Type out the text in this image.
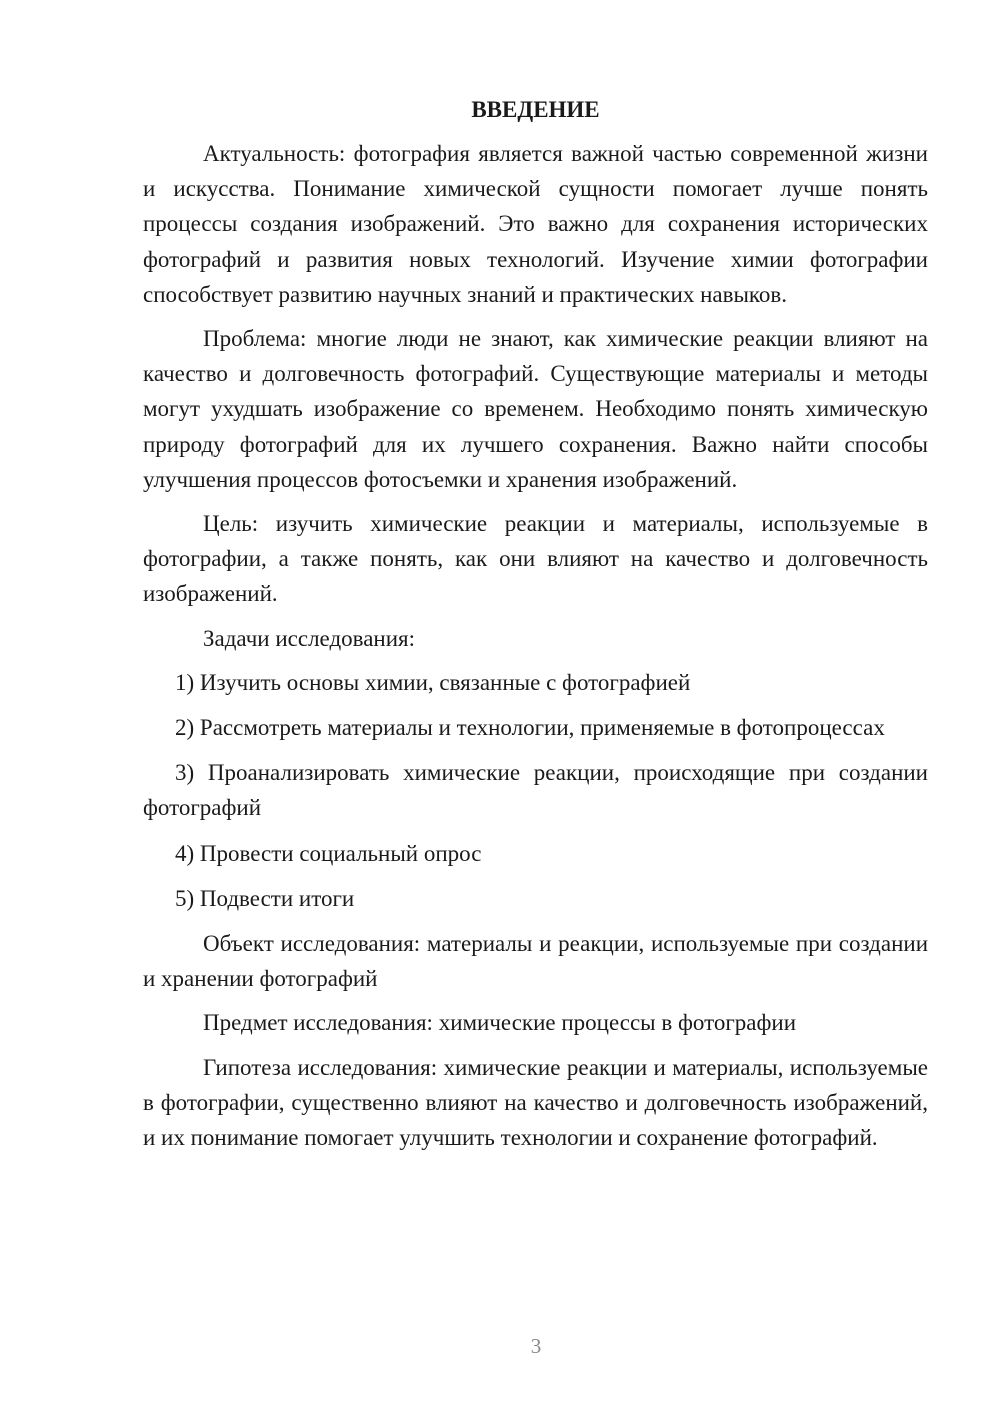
ВВЕДЕНИЕ

Актуальность: фотография является важной частью современной жизни и искусства. Понимание химической сущности помогает лучше понять процессы создания изображений. Это важно для сохранения исторических фотографий и развития новых технологий. Изучение химии фотографии способствует развитию научных знаний и практических навыков.

Проблема: многие люди не знают, как химические реакции влияют на качество и долговечность фотографий. Существующие материалы и методы могут ухудшать изображение со временем. Необходимо понять химическую природу фотографий для их лучшего сохранения. Важно найти способы улучшения процессов фотосъемки и хранения изображений.

Цель: изучить химические реакции и материалы, используемые в фотографии, а также понять, как они влияют на качество и долговечность изображений.

Задачи исследования:

1) Изучить основы химии, связанные с фотографией

2) Рассмотреть материалы и технологии, применяемые в фотопроцессах

3) Проанализировать химические реакции, происходящие при создании фотографий

4) Провести социальный опрос

5) Подвести итоги

Объект исследования: материалы и реакции, используемые при создании и хранении фотографий

Предмет исследования: химические процессы в фотографии

Гипотеза исследования: химические реакции и материалы, используемые в фотографии, существенно влияют на качество и долговечность изображений, и их понимание помогает улучшить технологии и сохранение фотографий.

3
